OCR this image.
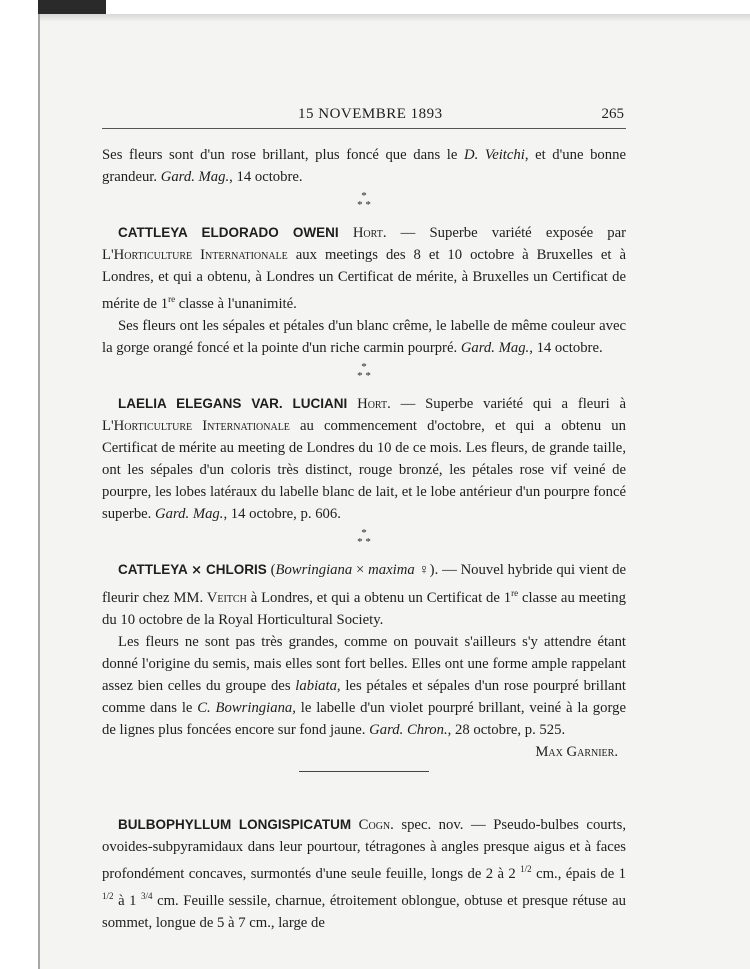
15 NOVEMBRE 1893	265

Ses fleurs sont d'un rose brillant, plus foncé que dans le D. Veitchi, et d'une bonne grandeur. Gard. Mag., 14 octobre.

*
* *

CATTLEYA ELDORADO OWENI Hort. — Superbe variété exposée par L'Horticulture Internationale aux meetings des 8 et 10 octobre à Bruxelles et à Londres, et qui a obtenu, à Londres un Certificat de mérite, à Bruxelles un Certificat de mérite de 1re classe à l'unanimité.

Ses fleurs ont les sépales et pétales d'un blanc crême, le labelle de même couleur avec la gorge orangé foncé et la pointe d'un riche carmin pourpré. Gard. Mag., 14 octobre.

*
* *

LAELIA ELEGANS VAR. LUCIANI Hort. — Superbe variété qui a fleuri à L'Horticulture Internationale au commencement d'octobre, et qui a obtenu un Certificat de mérite au meeting de Londres du 10 de ce mois. Les fleurs, de grande taille, ont les sépales d'un coloris très distinct, rouge bronzé, les pétales rose vif veiné de pourpre, les lobes latéraux du labelle blanc de lait, et le lobe antérieur d'un pourpre foncé superbe. Gard. Mag., 14 octobre, p. 606.

*
* *

CATTLEYA × CHLORIS (Bowringiana × maxima ♀). — Nouvel hybride qui vient de fleurir chez MM. Veitch à Londres, et qui a obtenu un Certificat de 1re classe au meeting du 10 octobre de la Royal Horticultural Society.

Les fleurs ne sont pas très grandes, comme on pouvait s'ailleurs s'y attendre étant donné l'origine du semis, mais elles sont fort belles. Elles ont une forme ample rappelant assez bien celles du groupe des labiata, les pétales et sépales d'un rose pourpré brillant comme dans le C. Bowringiana, le labelle d'un violet pourpré brillant, veiné à la gorge de lignes plus foncées encore sur fond jaune. Gard. Chron., 28 octobre, p. 525.
Max Garnier.

BULBOPHYLLUM LONGISPICATUM Cogn. spec. nov. — Pseudo-bulbes courts, ovoides-subpyramidaux dans leur pourtour, tétragones à angles presque aigus et à faces profondément concaves, surmontés d'une seule feuille, longs de 2 à 2 $^{1/2}$ cm., épais de 1 $^{1/2}$ à 1 $^{3/4}$ cm. Feuille sessile, charnue, étroitement oblongue, obtuse et presque rétuse au sommet, longue de 5 à 7 cm., large de
